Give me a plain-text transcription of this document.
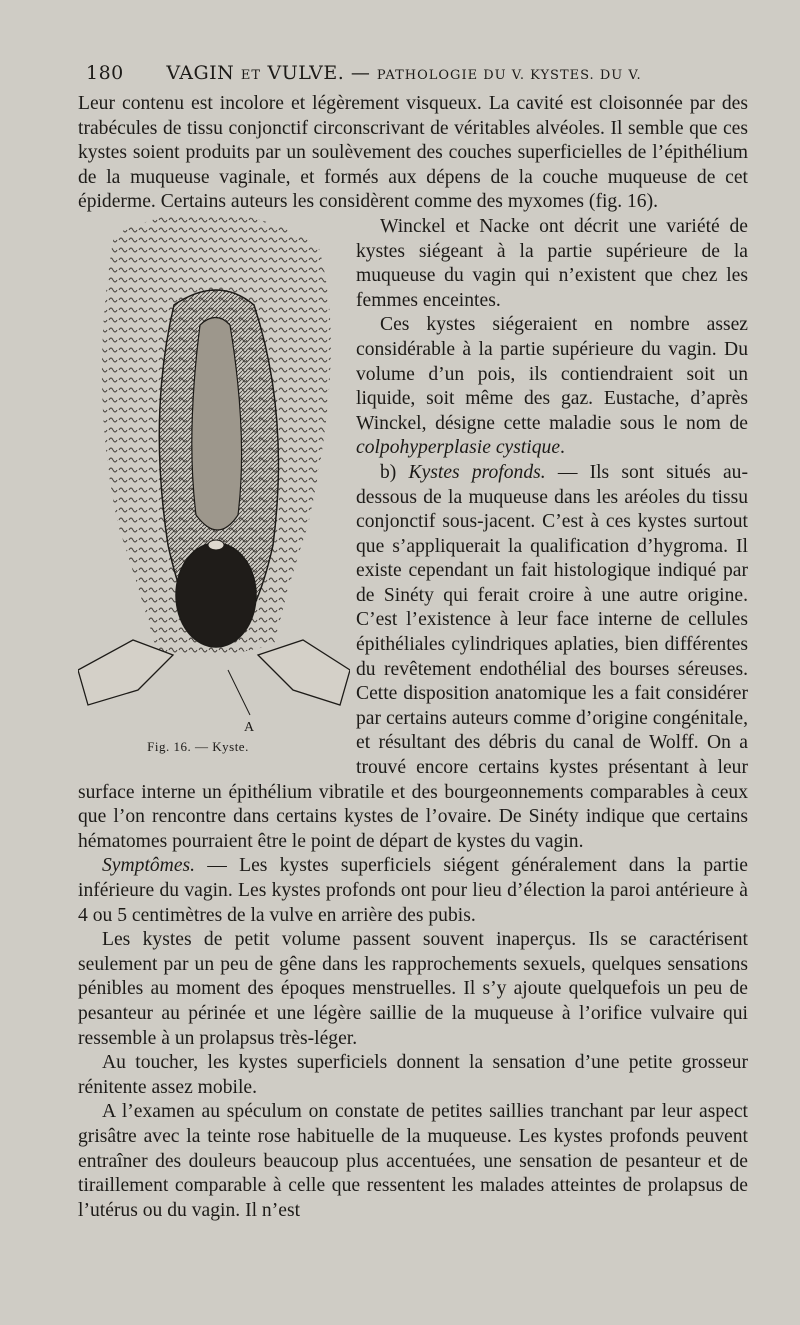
180 VAGIN ET VULVE. — PATHOLOGIE DU V. KYSTES. DU V.

Leur contenu est incolore et légèrement visqueux. La cavité est cloisonnée par des trabécules de tissu conjonctif circonscrivant de véritables alvéoles. Il semble que ces kystes soient produits par un soulèvement des couches superficielles de l’épithélium de la muqueuse vaginale, et formés aux dépens de la couche muqueuse de cet épiderme. Certains auteurs les considèrent comme des myxomes (fig. 16).

A
Fig. 16. — Kyste.

Winckel et Nacke ont décrit une variété de kystes siégeant à la partie supérieure de la muqueuse du vagin qui n’existent que chez les femmes enceintes.

Ces kystes siégeraient en nombre assez considérable à la partie supérieure du vagin. Du volume d’un pois, ils contiendraient soit un liquide, soit même des gaz. Eustache, d’après Winckel, désigne cette maladie sous le nom de colpohyperplasie cystique.

b) Kystes profonds. — Ils sont situés au-dessous de la muqueuse dans les aréoles du tissu conjonctif sous-jacent. C’est à ces kystes surtout que s’appliquerait la qualification d’hygroma. Il existe cependant un fait histologique indiqué par de Sinéty qui ferait croire à une autre origine. C’est l’existence à leur face interne de cellules épithéliales cylindriques aplaties, bien différentes du revêtement endothélial des bourses séreuses. Cette disposition anatomique les a fait considérer par certains auteurs comme d’origine congénitale, et résultant des débris du canal de Wolff. On a trouvé encore certains kystes présentant à leur surface interne un épithélium vibratile et des bourgeonnements comparables à ceux que l’on rencontre dans certains kystes de l’ovaire. De Sinéty indique que certains hématomes pourraient être le point de départ de kystes du vagin.

Symptômes. — Les kystes superficiels siégent généralement dans la partie inférieure du vagin. Les kystes profonds ont pour lieu d’élection la paroi antérieure à 4 ou 5 centimètres de la vulve en arrière des pubis.

Les kystes de petit volume passent souvent inaperçus. Ils se caractérisent seulement par un peu de gêne dans les rapprochements sexuels, quelques sensations pénibles au moment des époques menstruelles. Il s’y ajoute quelquefois un peu de pesanteur au périnée et une légère saillie de la muqueuse à l’orifice vulvaire qui ressemble à un prolapsus très-léger.

Au toucher, les kystes superficiels donnent la sensation d’une petite grosseur rénitente assez mobile.

A l’examen au spéculum on constate de petites saillies tranchant par leur aspect grisâtre avec la teinte rose habituelle de la muqueuse. Les kystes profonds peuvent entraîner des douleurs beaucoup plus accentuées, une sensation de pesanteur et de tiraillement comparable à celle que ressentent les malades atteintes de prolapsus de l’utérus ou du vagin. Il n’est
